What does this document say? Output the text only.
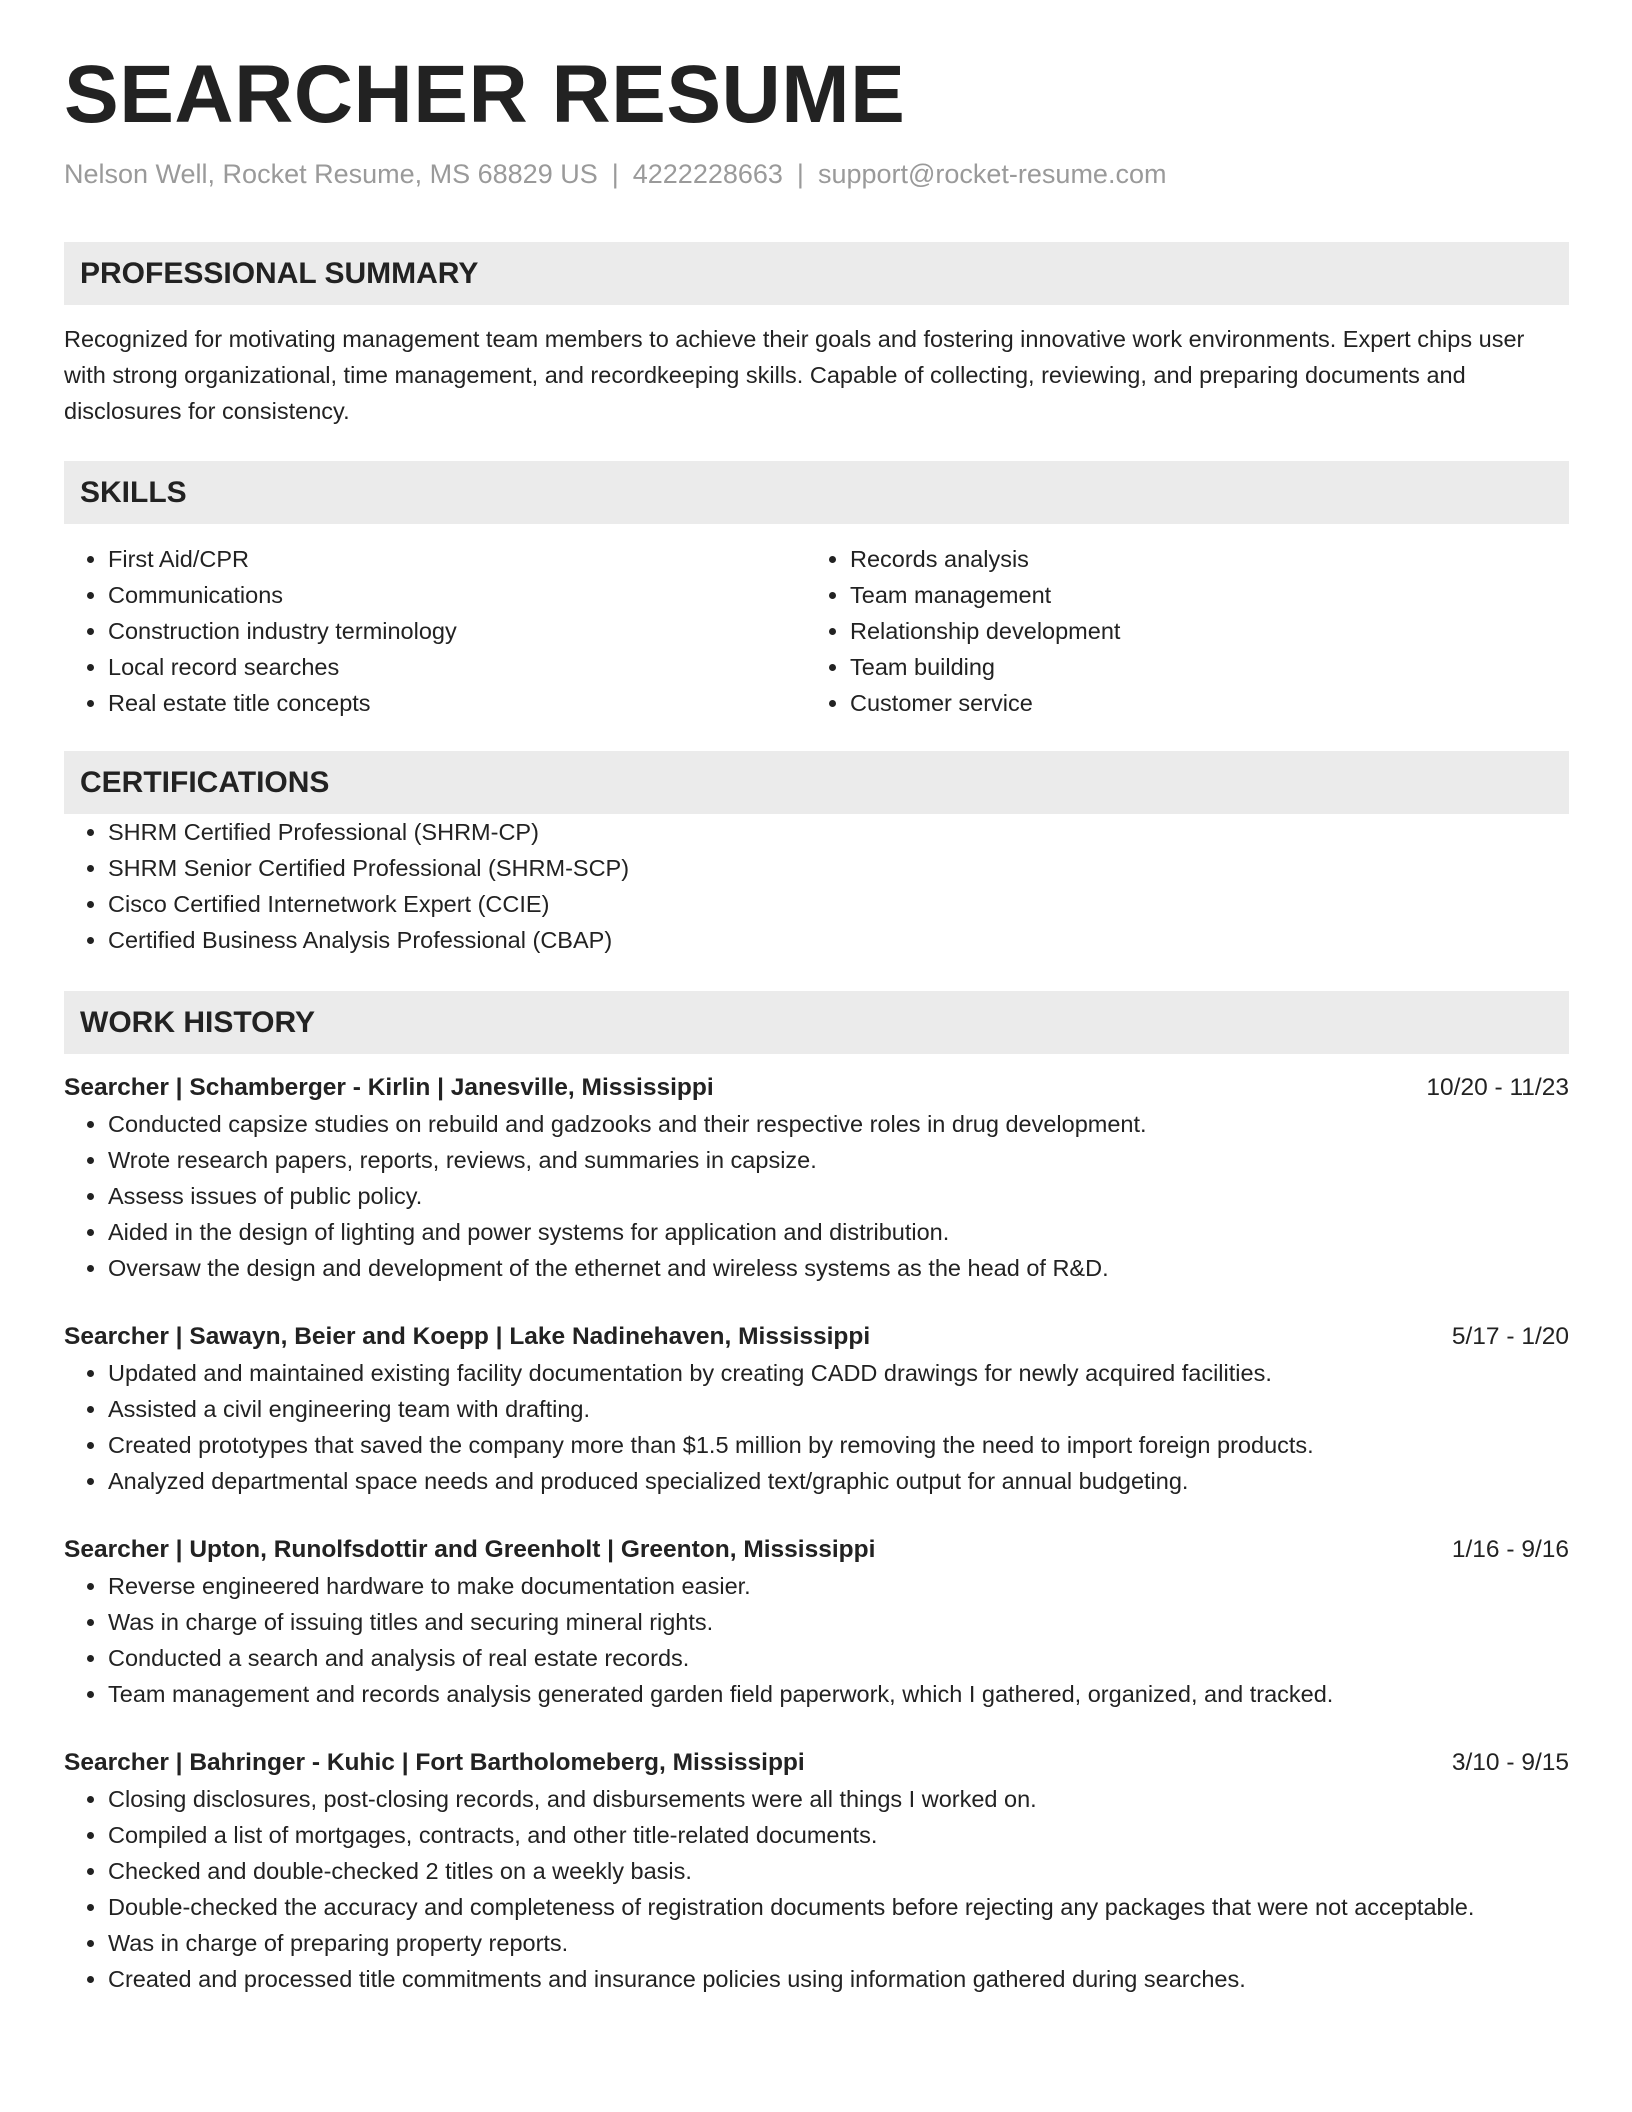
SEARCHER RESUME
Nelson Well, Rocket Resume, MS 68829 US | 4222228663 | support@rocket-resume.com
PROFESSIONAL SUMMARY

Recognized for motivating management team members to achieve their goals and fostering innovative work environments. Expert chips user with strong organizational, time management, and recordkeeping skills. Capable of collecting, reviewing, and preparing documents and disclosures for consistency.

SKILLS
• First Aid/CPR
• Communications
• Construction industry terminology
• Local record searches
• Real estate title concepts
• Records analysis
• Team management
• Relationship development
• Team building
• Customer service
CERTIFICATIONS
• SHRM Certified Professional (SHRM-CP)
• SHRM Senior Certified Professional (SHRM-SCP)
• Cisco Certified Internetwork Expert (CCIE)
• Certified Business Analysis Professional (CBAP)
WORK HISTORY
Searcher | Schamberger - Kirlin | Janesville, Mississippi	10/20 - 11/23
• Conducted capsize studies on rebuild and gadzooks and their respective roles in drug development.
• Wrote research papers, reports, reviews, and summaries in capsize.
• Assess issues of public policy.
• Aided in the design of lighting and power systems for application and distribution.
• Oversaw the design and development of the ethernet and wireless systems as the head of R&D.
Searcher | Sawayn, Beier and Koepp | Lake Nadinehaven, Mississippi	5/17 - 1/20
• Updated and maintained existing facility documentation by creating CADD drawings for newly acquired facilities.
• Assisted a civil engineering team with drafting.
• Created prototypes that saved the company more than $1.5 million by removing the need to import foreign products.
• Analyzed departmental space needs and produced specialized text/graphic output for annual budgeting.
Searcher | Upton, Runolfsdottir and Greenholt | Greenton, Mississippi	1/16 - 9/16
• Reverse engineered hardware to make documentation easier.
• Was in charge of issuing titles and securing mineral rights.
• Conducted a search and analysis of real estate records.
• Team management and records analysis generated garden field paperwork, which I gathered, organized, and tracked.
Searcher | Bahringer - Kuhic | Fort Bartholomeberg, Mississippi	3/10 - 9/15
• Closing disclosures, post-closing records, and disbursements were all things I worked on.
• Compiled a list of mortgages, contracts, and other title-related documents.
• Checked and double-checked 2 titles on a weekly basis.
• Double-checked the accuracy and completeness of registration documents before rejecting any packages that were not acceptable.
• Was in charge of preparing property reports.
• Created and processed title commitments and insurance policies using information gathered during searches.
